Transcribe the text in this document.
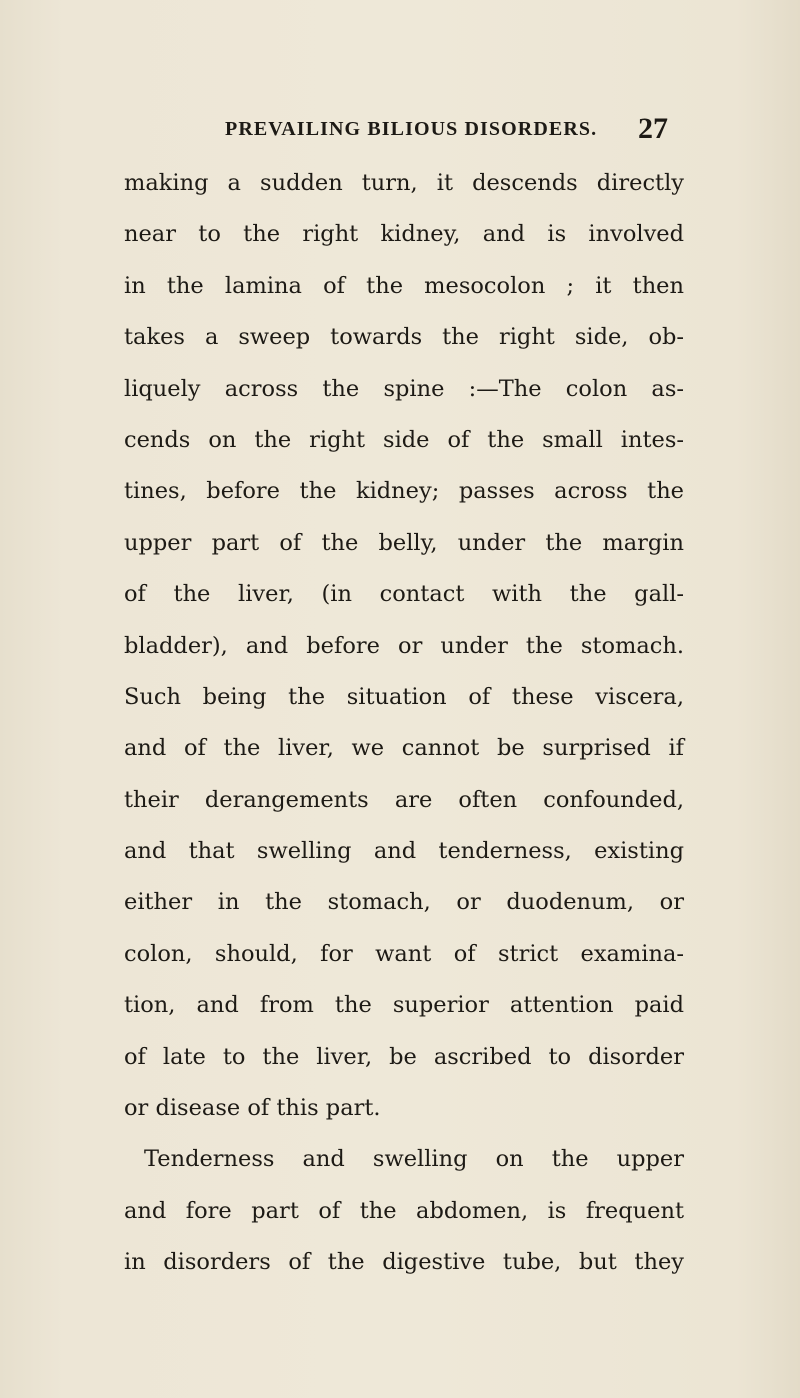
PREVAILING BILIOUS DISORDERS. 27
making a sudden turn, it descends directly
near to the right kidney, and is involved
in the lamina of the mesocolon ; it then
takes a sweep towards the right side, ob-
liquely across the spine :—The colon as-
cends on the right side of the small intes-
tines, before the kidney; passes across the
upper part of the belly, under the margin
of the liver, (in contact with the gall-
bladder), and before or under the stomach.
Such being the situation of these viscera,
and of the liver, we cannot be surprised if
their derangements are often confounded,
and that swelling and tenderness, existing
either in the stomach, or duodenum, or
colon, should, for want of strict examina-
tion, and from the superior attention paid
of late to the liver, be ascribed to disorder
or disease of this part.
Tenderness and swelling on the upper
and fore part of the abdomen, is frequent
in disorders of the digestive tube, but they
